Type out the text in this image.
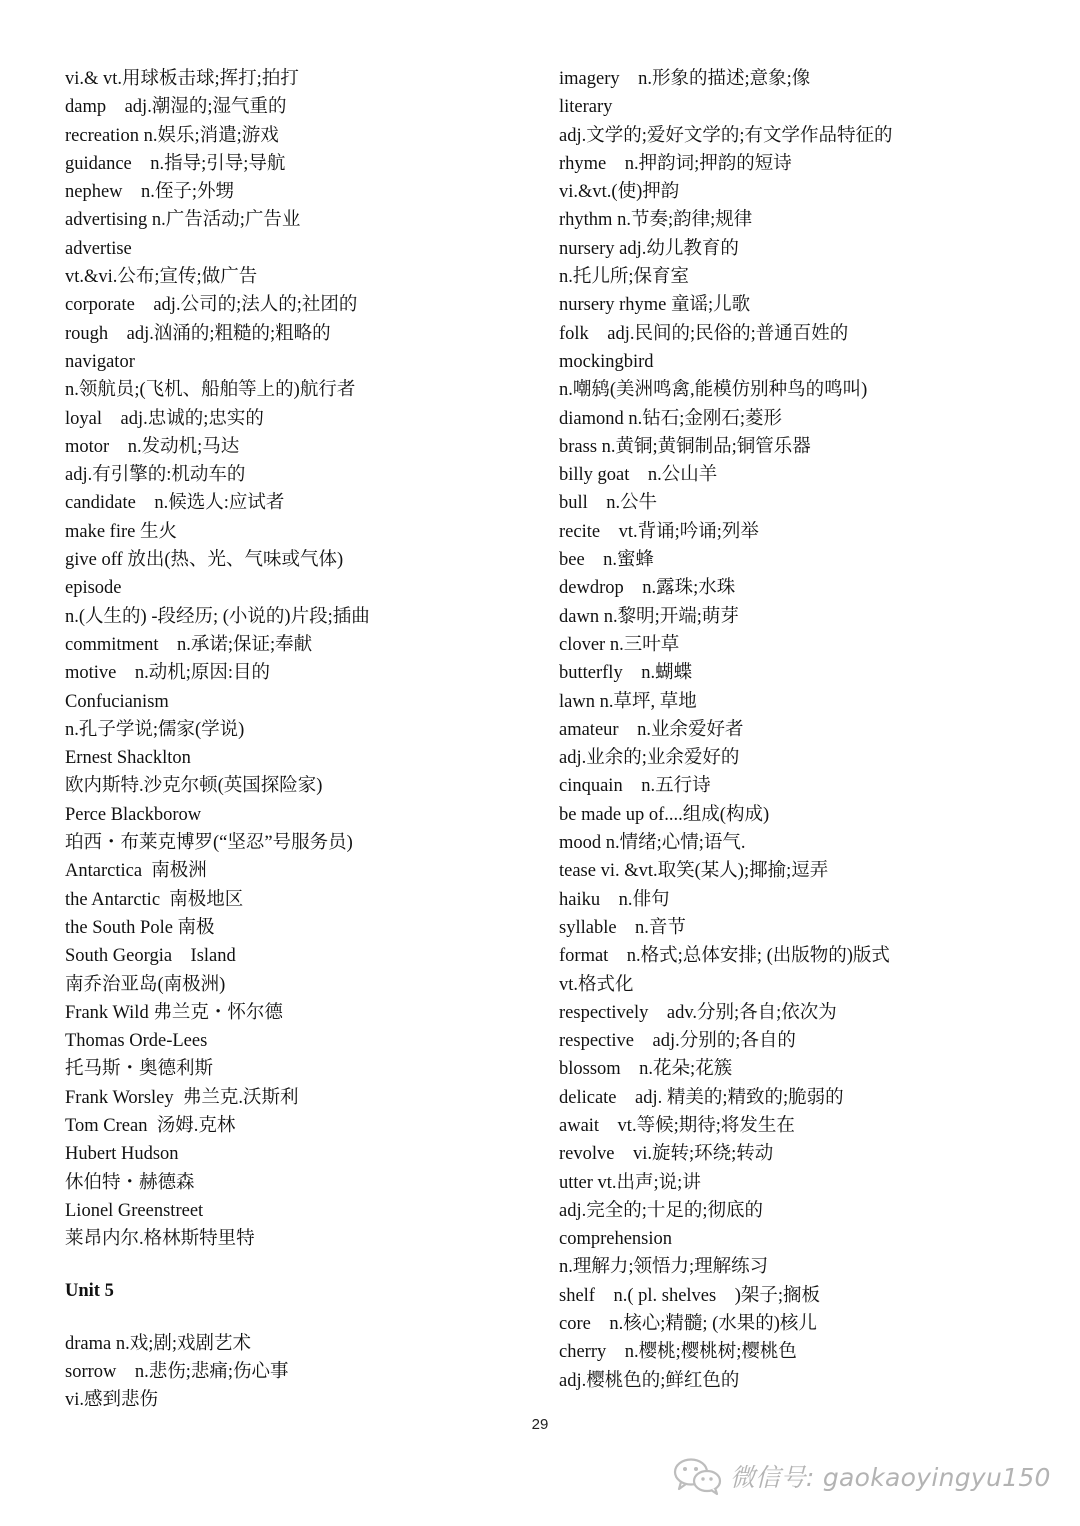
vi.& vt.用球板击球;挥打;拍打
damp    adj.潮湿的;湿气重的
recreation n.娱乐;消遣;游戏
guidance    n.指导;引导;导航
nephew    n.侄子;外甥
advertising n.广告活动;广告业
advertise
vt.&vi.公布;宣传;做广告
corporate    adj.公司的;法人的;社团的
rough    adj.汹涌的;粗糙的;粗略的
navigator
n.领航员;(飞机、船舶等上的)航行者
loyal    adj.忠诚的;忠实的
motor    n.发动机;马达
adj.有引擎的:机动车的
candidate    n.候选人:应试者
make fire 生火
give off 放出(热、光、气味或气体)
episode
n.(人生的) -段经历; (小说的)片段;插曲
commitment    n.承诺;保证;奉献
motive    n.动机;原因:目的
Confucianism
n.孔子学说;儒家(学说)
Ernest Shacklton
欧内斯特.沙克尔顿(英国探险家)
Perce Blackborow
珀西・布莱克博罗(“坚忍”号服务员)
Antarctica  南极洲
the Antarctic  南极地区
the South Pole 南极
South Georgia    Island
南乔治亚岛(南极洲)
Frank Wild 弗兰克・怀尔德
Thomas Orde-Lees
托马斯・奥德利斯
Frank Worsley  弗兰克.沃斯利
Tom Crean  汤姆.克林
Hubert Hudson
休伯特・赫德森
Lionel Greenstreet
莱昂内尔.格林斯特里特
Unit 5
drama n.戏;剧;戏剧艺术
sorrow    n.悲伤;悲痛;伤心事
vi.感到悲伤
imagery    n.形象的描述;意象;像
literary
adj.文学的;爱好文学的;有文学作品特征的
rhyme    n.押韵词;押韵的短诗
vi.&vt.(使)押韵
rhythm n.节奏;韵律;规律
nursery adj.幼儿教育的
n.托儿所;保育室
nursery rhyme 童谣;儿歌
folk    adj.民间的;民俗的;普通百姓的
mockingbird
n.嘲鸫(美洲鸣禽,能模仿别种鸟的鸣叫)
diamond n.钻石;金刚石;菱形
brass n.黄铜;黄铜制品;铜管乐器
billy goat    n.公山羊
bull    n.公牛
recite    vt.背诵;吟诵;列举
bee    n.蜜蜂
dewdrop    n.露珠;水珠
dawn n.黎明;开端;萌芽
clover n.三叶草
butterfly    n.蝴蝶
lawn n.草坪, 草地
amateur    n.业余爱好者
adj.业余的;业余爱好的
cinquain    n.五行诗
be made up of....组成(构成)
mood n.情绪;心情;语气.
tease vi. &vt.取笑(某人);揶揄;逗弄
haiku    n.俳句
syllable    n.音节
format    n.格式;总体安排; (出版物的)版式
vt.格式化
respectively    adv.分别;各自;依次为
respective    adj.分别的;各自的
blossom    n.花朵;花簇
delicate    adj. 精美的;精致的;脆弱的
await    vt.等候;期待;将发生在
revolve    vi.旋转;环绕;转动
utter vt.出声;说;讲
adj.完全的;十足的;彻底的
comprehension
n.理解力;领悟力;理解练习
shelf    n.( pl. shelves    )架子;搁板
core    n.核心;精髓; (水果的)核儿
cherry    n.樱桃;樱桃树;樱桃色
adj.樱桃色的;鲜红色的
29
微信号: gaokaoyingyu150
